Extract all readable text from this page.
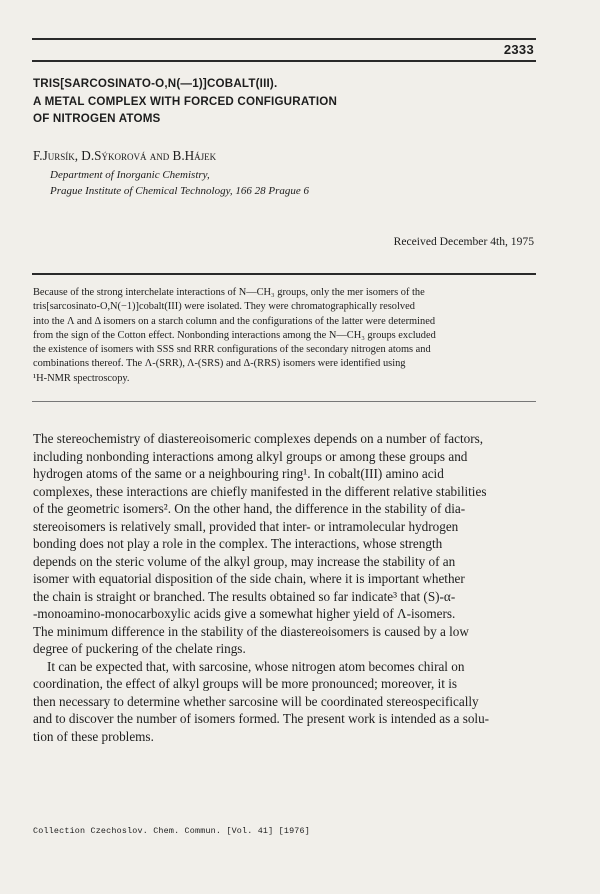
2333
TRIS[SARCOSINATO-O,N(—1)]COBALT(III).
A METAL COMPLEX WITH FORCED CONFIGURATION
OF NITROGEN ATOMS
F.Jursík, D.Sýkorová and B.Hájek
Department of Inorganic Chemistry,
Prague Institute of Chemical Technology, 166 28 Prague 6
Received December 4th, 1975
Because of the strong interchelate interactions of N—CH₃ groups, only the mer isomers of the
tris[sarcosinato-O,N(−1)]cobalt(III) were isolated. They were chromatographically resolved
into the Λ and Δ isomers on a starch column and the configurations of the latter were determined
from the sign of the Cotton effect. Nonbonding interactions among the N—CH₃ groups excluded
the existence of isomers with SSS snd RRR configurations of the secondary nitrogen atoms and
combinations thereof. The Λ-(SRR), Λ-(SRS) and Δ-(RRS) isomers were identified using
¹H-NMR spectroscopy.
The stereochemistry of diastereoisomeric complexes depends on a number of factors,
including nonbonding interactions among alkyl groups or among these groups and
hydrogen atoms of the same or a neighbouring ring¹. In cobalt(III) amino acid
complexes, these interactions are chiefly manifested in the different relative stabilities
of the geometric isomers². On the other hand, the difference in the stability of dia-
stereoisomers is relatively small, provided that inter- or intramolecular hydrogen
bonding does not play a role in the complex. The interactions, whose strength
depends on the steric volume of the alkyl group, may increase the stability of an
isomer with equatorial disposition of the side chain, where it is important whether
the chain is straight or branched. The results obtained so far indicate³ that (S)-α-
-monoamino-monocarboxylic acids give a somewhat higher yield of Λ-isomers.
The minimum difference in the stability of the diastereoisomers is caused by a low
degree of puckering of the chelate rings.
It can be expected that, with sarcosine, whose nitrogen atom becomes chiral on
coordination, the effect of alkyl groups will be more pronounced; moreover, it is
then necessary to determine whether sarcosine will be coordinated stereospecifically
and to discover the number of isomers formed. The present work is intended as a solu-
tion of these problems.
Collection Czechoslov. Chem. Commun. [Vol. 41] [1976]
